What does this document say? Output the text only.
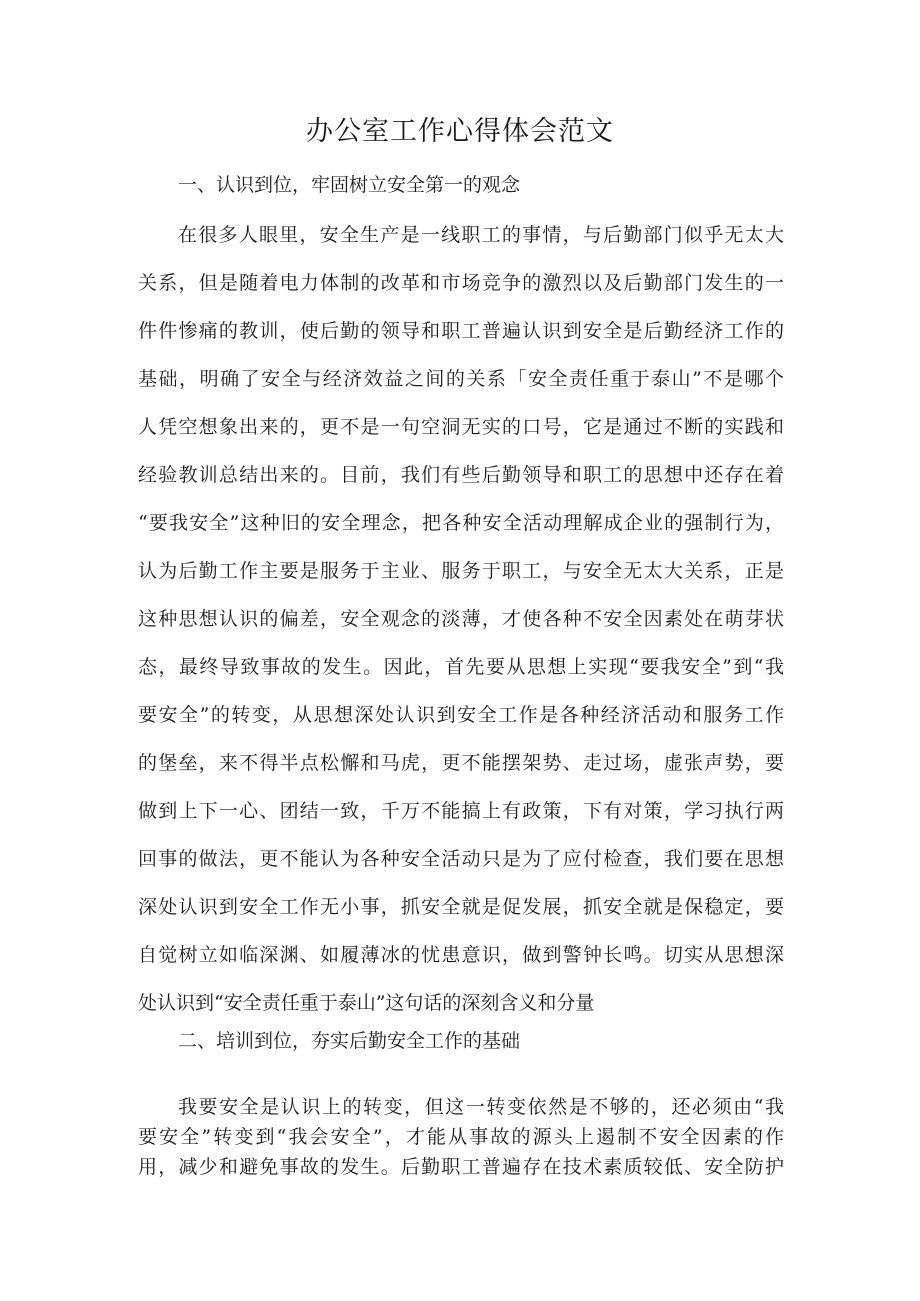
办公室工作心得体会范文
一、认识到位，牢固树立安全第一的观念
在很多人眼里，安全生产是一线职工的事情，与后勤部门似乎无太大
关系，但是随着电力体制的改革和市场竞争的激烈以及后勤部门发生的一
件件惨痛的教训，使后勤的领导和职工普遍认识到安全是后勤经济工作的
基础，明确了安全与经济效益之间的关系「安全责任重于泰山”不是哪个
人凭空想象出来的，更不是一句空洞无实的口号，它是通过不断的实践和
经验教训总结出来的。目前，我们有些后勤领导和职工的思想中还存在着
“要我安全”这种旧的安全理念，把各种安全活动理解成企业的强制行为，
认为后勤工作主要是服务于主业、服务于职工，与安全无太大关系，正是
这种思想认识的偏差，安全观念的淡薄，才使各种不安全因素处在萌芽状
态，最终导致事故的发生。因此，首先要从思想上实现“要我安全”到“我
要安全”的转变，从思想深处认识到安全工作是各种经济活动和服务工作
的堡垒，来不得半点松懈和马虎，更不能摆架势、走过场，虚张声势，要
做到上下一心、团结一致，千万不能搞上有政策，下有对策，学习执行两
回事的做法，更不能认为各种安全活动只是为了应付检查，我们要在思想
深处认识到安全工作无小事，抓安全就是促发展，抓安全就是保稳定，要
自觉树立如临深渊、如履薄冰的忧患意识，做到警钟长鸣。切实从思想深
处认识到“安全责任重于泰山”这句话的深刻含义和分量
二、培训到位，夯实后勤安全工作的基础
我要安全是认识上的转变，但这一转变依然是不够的，还必须由“我
要安全”转变到“我会安全”，才能从事故的源头上遏制不安全因素的作
用，减少和避免事故的发生。后勤职工普遍存在技术素质较低、安全防护
